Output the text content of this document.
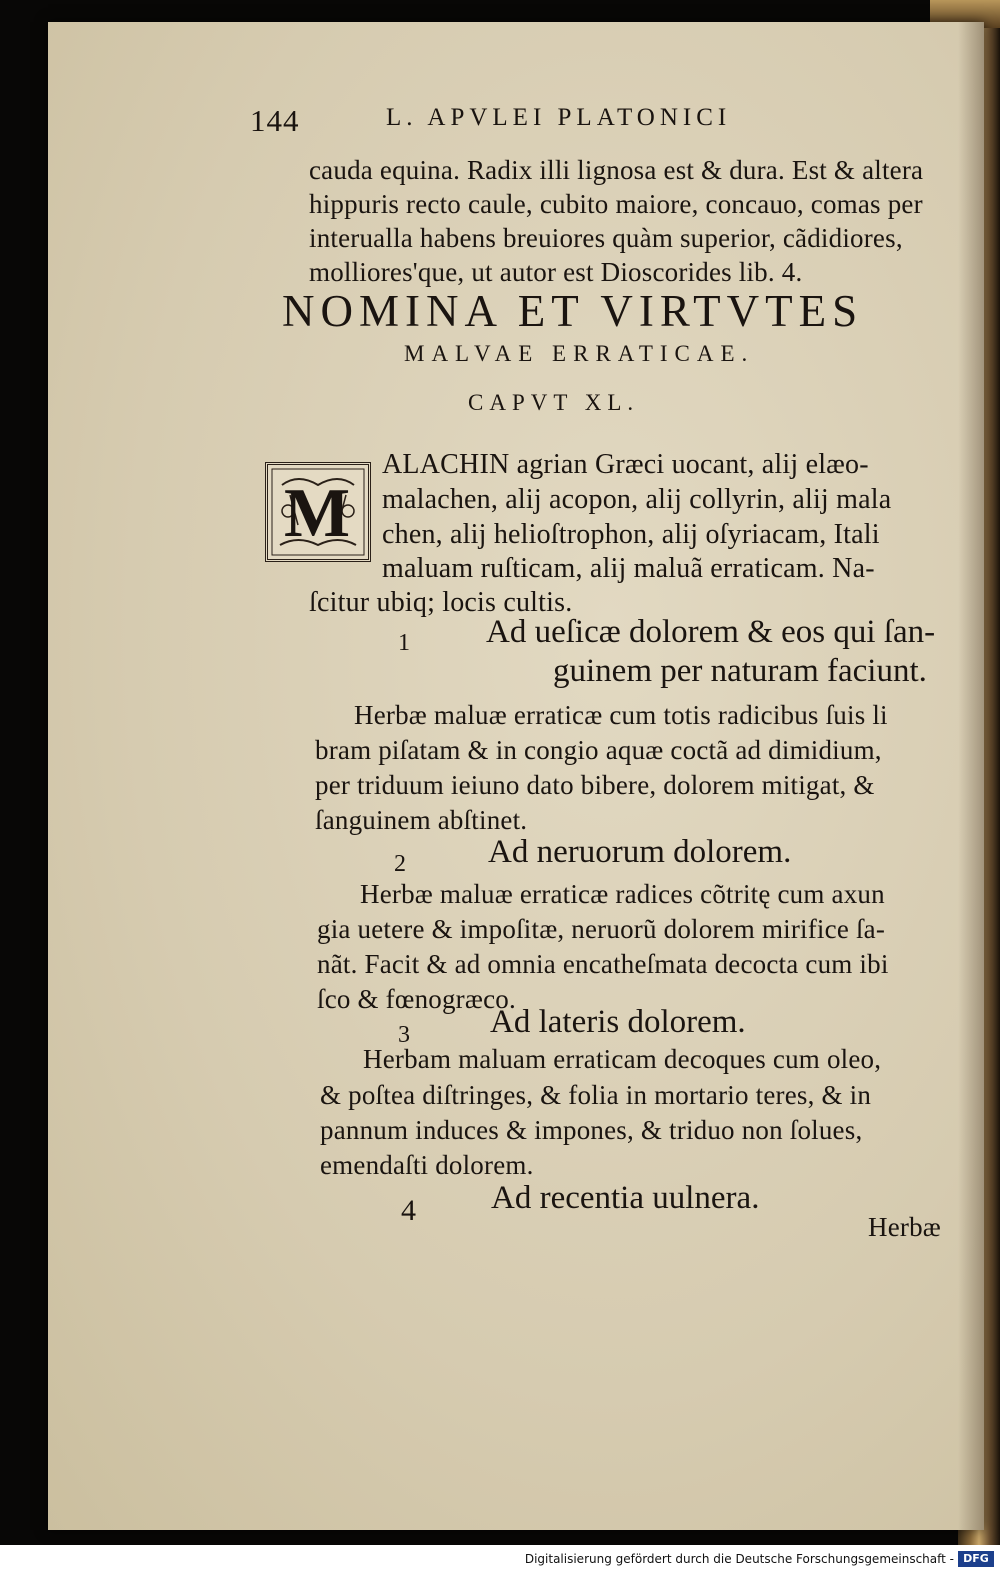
144	L. APVLEI PLATONICI
cauda equina. Radix illi lignosa est & dura. Est & altera
hippuris recto caule, cubito maiore, concauo, comas per
interualla habens breuiores quàm superior, cãdidiores,
molliores'que, ut autor est Dioscorides lib. 4.
NOMINA ET VIRTVTES
MALVAE ERRATICAE.
CAPVT XL.
M
ALACHIN agrian Græci uocant, alij elæo-
malachen, alij acopon, alij collyrin, alij mala
chen, alij helioſtrophon, alij oſyriacam, Itali
maluam ruſticam, alij maluã erraticam. Na-
ſcitur ubiq; locis cultis.
1 Ad ueſicæ dolorem & eos qui ſan-
guinem per naturam faciunt.
Herbæ maluæ erraticæ cum totis radicibus ſuis li
bram piſatam & in congio aquæ coctã ad dimidium,
per triduum ieiuno dato bibere, dolorem mitigat, &
ſanguinem abſtinet.
2 Ad neruorum dolorem.
Herbæ maluæ erraticæ radices cõtritę cum axun
gia uetere & impoſitæ, neruorũ dolorem mirifice ſa-
nãt. Facit & ad omnia encatheſmata decocta cum ibi
ſco & fœnogræco.
3 Ad lateris dolorem.
Herbam maluam erraticam decoques cum oleo,
& poſtea diſtringes, & folia in mortario teres, & in
pannum induces & impones, & triduo non ſolues,
emendaſti dolorem.
4 Ad recentia uulnera.
Herbæ
Digitalisierung gefördert durch die Deutsche Forschungsgemeinschaft - DFG
